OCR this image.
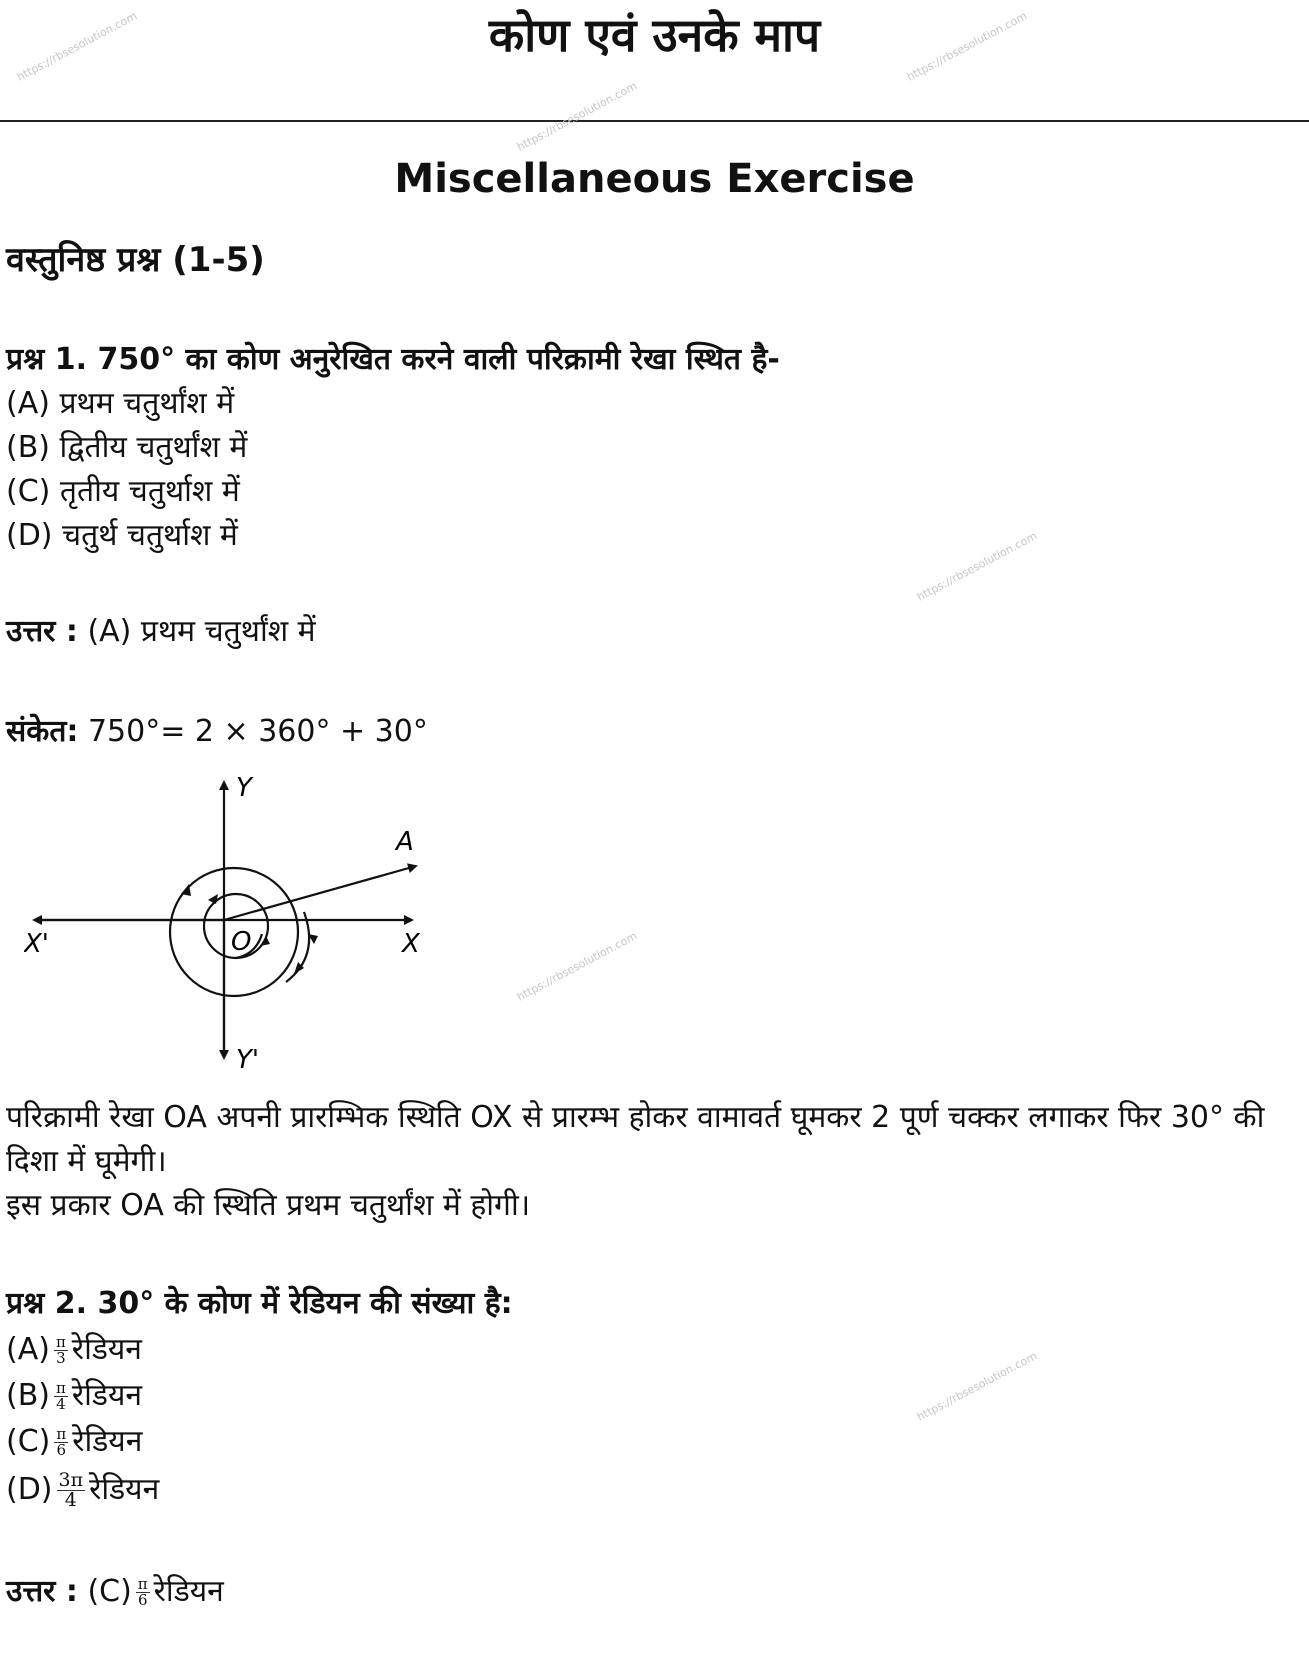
कोण एवं उनके माप
Miscellaneous Exercise
वस्तुनिष्ठ प्रश्न (1-5)
प्रश्न 1. 750° का कोण अनुरेखित करने वाली परिक्रामी रेखा स्थित है-
(A) प्रथम चतुर्थांश में
(B) द्वितीय चतुर्थांश में
(C) तृतीय चतुर्थाश में
(D) चतुर्थ चतुर्थाश में
उत्तर : (A) प्रथम चतुर्थांश में
संकेत: 750°= 2 × 360° + 30°
Y
Y'
X
X'	O
A

परिक्रामी रेखा OA अपनी प्रारम्भिक स्थिति OX से प्रारम्भ होकर वामावर्त घूमकर 2 पूर्ण चक्कर लगाकर फिर 30° की दिशा में घूमेगी।

इस प्रकार OA की स्थिति प्रथम चतुर्थांश में होगी।

प्रश्न 2. 30° के कोण में रेडियन की संख्या है:
$(A) \frac{\pi}{3}$ रेडियन
$(B) \frac{\pi}{4}$ रेडियन
$(C) \frac{\pi}{6}$ रेडियन
$(D) \frac{3\pi}{4}$ रेडियन
उत्तर : $(C) \frac{\pi}{6}$ रेडियन
https://rbsesolution.com	https://rbsesolution.com
https://rbsesolution.com
https://rbsesolution.com
https://rbsesolution.com
https://rbsesolution.com
